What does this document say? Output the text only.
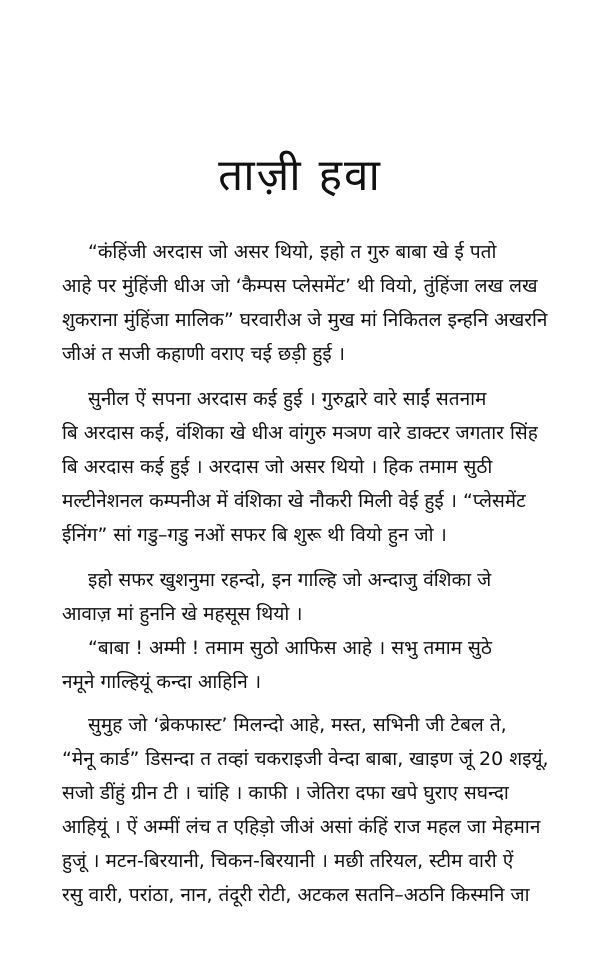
ताज़ी हवा
“कंहिंजी अरदास जो असर थियो, इहो त गुरु बाबा खे ई पतो
आहे पर मुंहिंजी धीअ जो ‘कैम्पस प्लेसमेंट’ थी वियो, तुंहिंजा लख लख
शुकराना मुंहिंजा मालिक” घरवारीअ जे मुख मां निकितल इन्हनि अखरनि
जीअं त सजी कहाणी वराए चई छड़ी हुई ।
सुनील ऐं सपना अरदास कई हुई । गुरुद्वारे वारे साईं सतनाम
बि अरदास कई, वंशिका खे धीअ वांगुरु मञण वारे डाक्टर जगतार सिंह
बि अरदास कई हुई । अरदास जो असर थियो । हिक तमाम सुठी
मल्टीनेशनल कम्पनीअ में वंशिका खे नौकरी मिली वेई हुई । “प्लेसमेंट
ईनिंग” सां गडु–गडु नओं सफर बि शुरू थी वियो हुन जो ।
इहो सफर खुशनुमा रहन्दो, इन गाल्हि जो अन्दाजु वंशिका जे
आवाज़ मां हुननि खे महसूस थियो ।
“बाबा ! अम्मी ! तमाम सुठो आफिस आहे । सभु तमाम सुठे
नमूने गाल्हियूं कन्दा आहिनि ।
सुमुह जो ‘ब्रेकफास्ट’ मिलन्दो आहे, मस्त, सभिनी जी टेबल ते,
“मेनू कार्ड” डिसन्दा त तव्हां चकराइजी वेन्दा बाबा, खाइण जूं 20 शइयूं,
सजो डींहुं ग्रीन टी । चांहि । काफी । जेतिरा दफा खपे घुराए सघन्दा
आहियूं । ऐं अम्मीं लंच त एहिड़ो जीअं असां कंहिं राज महल जा मेहमान
हुजूं । मटन-बिरयानी, चिकन-बिरयानी । मछी तरियल, स्टीम वारी ऐं
रसु वारी, परांठा, नान, तंदूरी रोटी, अटकल सतनि–अठनि किस्मनि जा
